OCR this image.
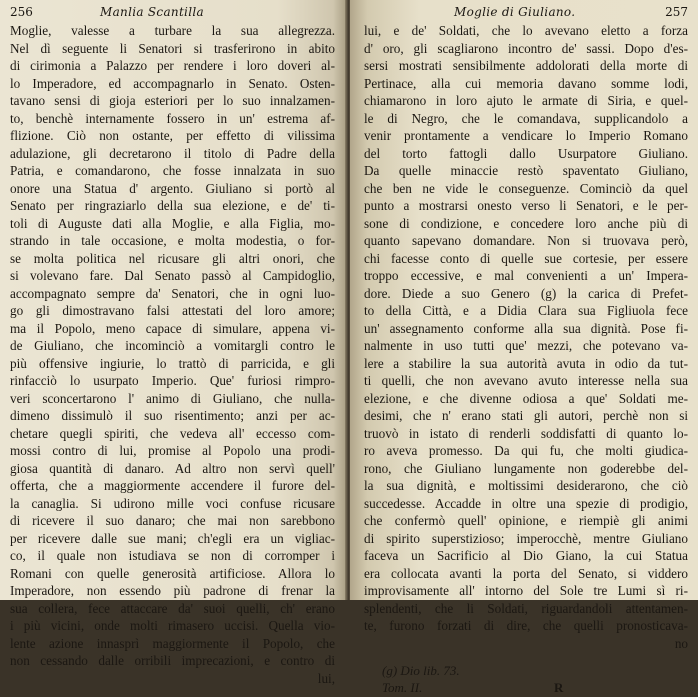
256	Manlia Scantilla
Moglie, valesse a turbare la sua allegrezza.
Nel dì seguente li Senatori si trasferirono in abito
di cirimonia a Palazzo per rendere i loro doveri al-
lo Imperadore, ed accompagnarlo in Senato. Osten-
tavano sensi di gioja esteriori per lo suo innalzamen-
to, benchè internamente fossero in un' estrema af-
flizione. Ciò non ostante, per effetto di vilissima
adulazione, gli decretarono il titolo di Padre della
Patria, e comandarono, che fosse innalzata in suo
onore una Statua d' argento. Giuliano si portò al
Senato per ringraziarlo della sua elezione, e de' ti-
toli di Auguste dati alla Moglie, e alla Figlia, mo-
strando in tale occasione, e molta modestia, o for-
se molta politica nel ricusare gli altri onori, che
si volevano fare. Dal Senato passò al Campidoglio,
accompagnato sempre da' Senatori, che in ogni luo-
go gli dimostravano falsi attestati del loro amore;
ma il Popolo, meno capace di simulare, appena vi-
de Giuliano, che incominciò a vomitargli contro le
più offensive ingiurie, lo trattò di parricida, e gli
rinfacciò lo usurpato Imperio. Que' furiosi rimpro-
veri sconcertarono l' animo di Giuliano, che nulla-
dimeno dissimulò il suo risentimento; anzi per ac-
chetare quegli spiriti, che vedeva all' eccesso com-
mossi contro di lui, promise al Popolo una prodi-
giosa quantità di danaro. Ad altro non servì quell'
offerta, che a maggiormente accendere il furore del-
la canaglia. Si udirono mille voci confuse ricusare
di ricevere il suo danaro; che mai non sarebbono
per ricevere dalle sue mani; ch'egli era un vigliac-
co, il quale non istudiava se non di corromper i
Romani con quelle generosità artificiose. Allora lo
Imperadore, non essendo più padrone di frenar la
sua collera, fece attaccare da' suoi quelli, ch' erano
i più vicini, onde molti rimasero uccisi. Quella vio-
lente azione innasprì maggiormente il Popolo, che
non cessando dalle orribili imprecazioni, e contro di
lui,
Moglie di Giuliano.	257
lui, e de' Soldati, che lo avevano eletto a forza
d' oro, gli scagliarono incontro de' sassi. Dopo d'es-
sersi mostrati sensibilmente addolorati della morte di
Pertinace, alla cui memoria davano somme lodi,
chiamarono in loro ajuto le armate di Siria, e quel-
le di Negro, che le comandava, supplicandolo a
venir prontamente a vendicare lo Imperio Romano
del torto fattogli dallo Usurpatore Giuliano.
Da quelle minaccie restò spaventato Giuliano,
che ben ne vide le conseguenze. Cominciò da quel
punto a mostrarsi onesto verso li Senatori, e le per-
sone di condizione, e concedere loro anche più di
quanto sapevano domandare. Non si truovava però,
chi facesse conto di quelle sue cortesie, per essere
troppo eccessive, e mal convenienti a un' Impera-
dore. Diede a suo Genero (g) la carica di Prefet-
to della Città, e a Didia Clara sua Figliuola fece
un' assegnamento conforme alla sua dignità. Pose fi-
nalmente in uso tutti que' mezzi, che potevano va-
lere a stabilire la sua autorità avuta in odio da tut-
ti quelli, che non avevano avuto interesse nella sua
elezione, e che divenne odiosa a que' Soldati me-
desimi, che n' erano stati gli autori, perchè non si
truovò in istato di renderli soddisfatti di quanto lo-
ro aveva promesso. Da qui fu, che molti giudica-
rono, che Giuliano lungamente non goderebbe del-
la sua dignità, e moltissimi desiderarono, che ciò
succedesse. Accadde in oltre una spezie di prodigio,
che confermò quell' opinione, e riempiè gli animi
di spirito superstizioso; imperocchè, mentre Giuliano
faceva un Sacrificio al Dio Giano, la cui Statua
era collocata avanti la porta del Senato, si viddero
improvisamente all' intorno del Sole tre Lumi sì ri-
splendenti, che li Soldati, riguardandoli attentamen-
te, furono forzati di dire, che quelli pronosticava-
no
(g) Dio lib. 73.
Tom. II.	R
